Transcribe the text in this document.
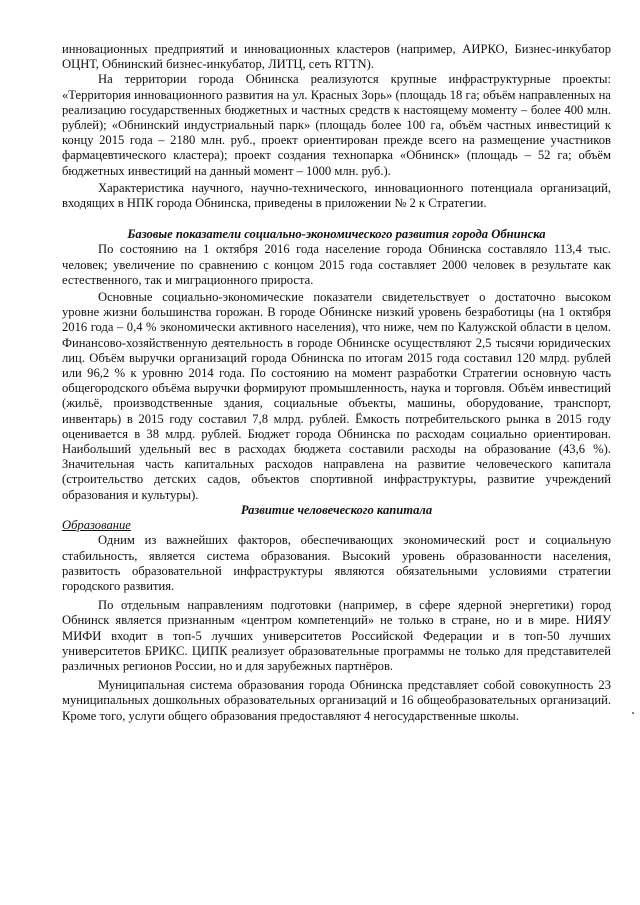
инновационных предприятий и инновационных кластеров (например, АИРКО, Бизнес-инкубатор ОЦНТ, Обнинский бизнес-инкубатор, ЛИТЦ, сеть RTTN).

На территории города Обнинска реализуются крупные инфраструктурные проекты: «Территория инновационного развития на ул. Красных Зорь» (площадь 18 га; объём направленных на реализацию государственных бюджетных и частных средств к настоящему моменту – более 400 млн. рублей); «Обнинский индустриальный парк» (площадь более 100 га, объём частных инвестиций к концу 2015 года – 2180 млн. руб., проект ориентирован прежде всего на размещение участников фармацевтического кластера); проект создания технопарка «Обнинск» (площадь – 52 га; объём бюджетных инвестиций на данный момент – 1000 млн. руб.).

Характеристика научного, научно-технического, инновационного потенциала организаций, входящих в НПК города Обнинска, приведены в приложении № 2 к Стратегии.

Базовые показатели социально-экономического развития города Обнинска

По состоянию на 1 октября 2016 года население города Обнинска составляло 113,4 тыс. человек; увеличение по сравнению с концом 2015 года составляет 2000 человек в результате как естественного, так и миграционного прироста.

Основные социально-экономические показатели свидетельствует о достаточно высоком уровне жизни большинства горожан. В городе Обнинске низкий уровень безработицы (на 1 октября 2016 года – 0,4 % экономически активного населения), что ниже, чем по Калужской области в целом. Финансово-хозяйственную деятельность в городе Обнинске осуществляют 2,5 тысячи юридических лиц. Объём выручки организаций города Обнинска по итогам 2015 года составил 120 млрд. рублей или 96,2 % к уровню 2014 года. По состоянию на момент разработки Стратегии основную часть общегородского объёма выручки формируют промышленность, наука и торговля. Объём инвестиций (жильё, производственные здания, социальные объекты, машины, оборудование, транспорт, инвентарь) в 2015 году составил 7,8 млрд. рублей. Ёмкость потребительского рынка в 2015 году оценивается в 38 млрд. рублей. Бюджет города Обнинска по расходам социально ориентирован. Наибольший удельный вес в расходах бюджета составили расходы на образование (43,6 %). Значительная часть капитальных расходов направлена на развитие человеческого капитала (строительство детских садов, объектов спортивной инфраструктуры, развитие учреждений образования и культуры).

Развитие человеческого капитала
Образование

Одним из важнейших факторов, обеспечивающих экономический рост и социальную стабильность, является система образования. Высокий уровень образованности населения, развитость образовательной инфраструктуры являются обязательными условиями стратегии городского развития.

По отдельным направлениям подготовки (например, в сфере ядерной энергетики) город Обнинск является признанным «центром компетенций» не только в стране, но и в мире. НИЯУ МИФИ входит в топ-5 лучших университетов Российской Федерации и в топ-50 лучших университетов БРИКС. ЦИПК реализует образовательные программы не только для представителей различных регионов России, но и для зарубежных партнёров.

Муниципальная система образования города Обнинска представляет собой совокупность 23 муниципальных дошкольных образовательных организаций и 16 общеобразовательных организаций. Кроме того, услуги общего образования предоставляют 4 негосударственные школы.
